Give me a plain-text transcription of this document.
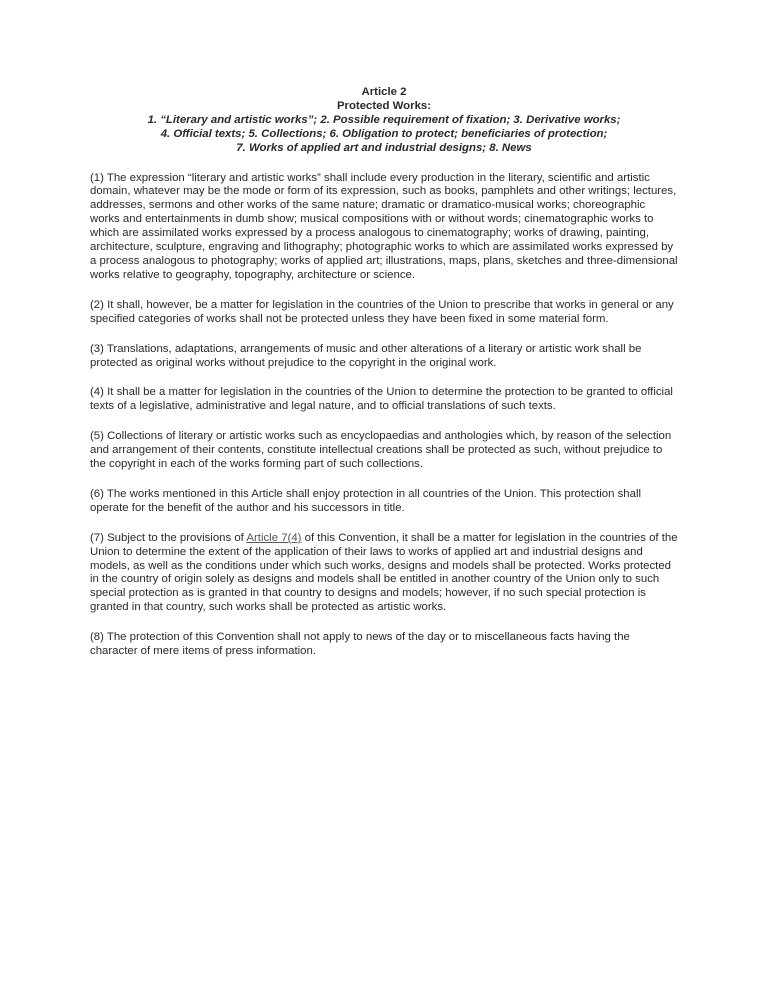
Article 2
Protected Works:
1. “Literary and artistic works”; 2. Possible requirement of fixation; 3. Derivative works;
4. Official texts; 5. Collections; 6. Obligation to protect; beneficiaries of protection;
7. Works of applied art and industrial designs; 8. News

(1) The expression “literary and artistic works” shall include every production in the literary, scientific and artistic domain, whatever may be the mode or form of its expression, such as books, pamphlets and other writings; lectures, addresses, sermons and other works of the same nature; dramatic or dramatico-musical works; choreographic works and entertainments in dumb show; musical compositions with or without words; cinematographic works to which are assimilated works expressed by a process analogous to cinematography; works of drawing, painting, architecture, sculpture, engraving and lithography; photographic works to which are assimilated works expressed by a process analogous to photography; works of applied art; illustrations, maps, plans, sketches and three-dimensional works relative to geography, topography, architecture or science.

(2) It shall, however, be a matter for legislation in the countries of the Union to prescribe that works in general or any specified categories of works shall not be protected unless they have been fixed in some material form.

(3) Translations, adaptations, arrangements of music and other alterations of a literary or artistic work shall be protected as original works without prejudice to the copyright in the original work.

(4) It shall be a matter for legislation in the countries of the Union to determine the protection to be granted to official texts of a legislative, administrative and legal nature, and to official translations of such texts.

(5) Collections of literary or artistic works such as encyclopaedias and anthologies which, by reason of the selection and arrangement of their contents, constitute intellectual creations shall be protected as such, without prejudice to the copyright in each of the works forming part of such collections.

(6) The works mentioned in this Article shall enjoy protection in all countries of the Union. This protection shall operate for the benefit of the author and his successors in title.

(7) Subject to the provisions of Article 7(4) of this Convention, it shall be a matter for legislation in the countries of the Union to determine the extent of the application of their laws to works of applied art and industrial designs and models, as well as the conditions under which such works, designs and models shall be protected. Works protected in the country of origin solely as designs and models shall be entitled in another country of the Union only to such special protection as is granted in that country to designs and models; however, if no such special protection is granted in that country, such works shall be protected as artistic works.

(8) The protection of this Convention shall not apply to news of the day or to miscellaneous facts having the character of mere items of press information.
